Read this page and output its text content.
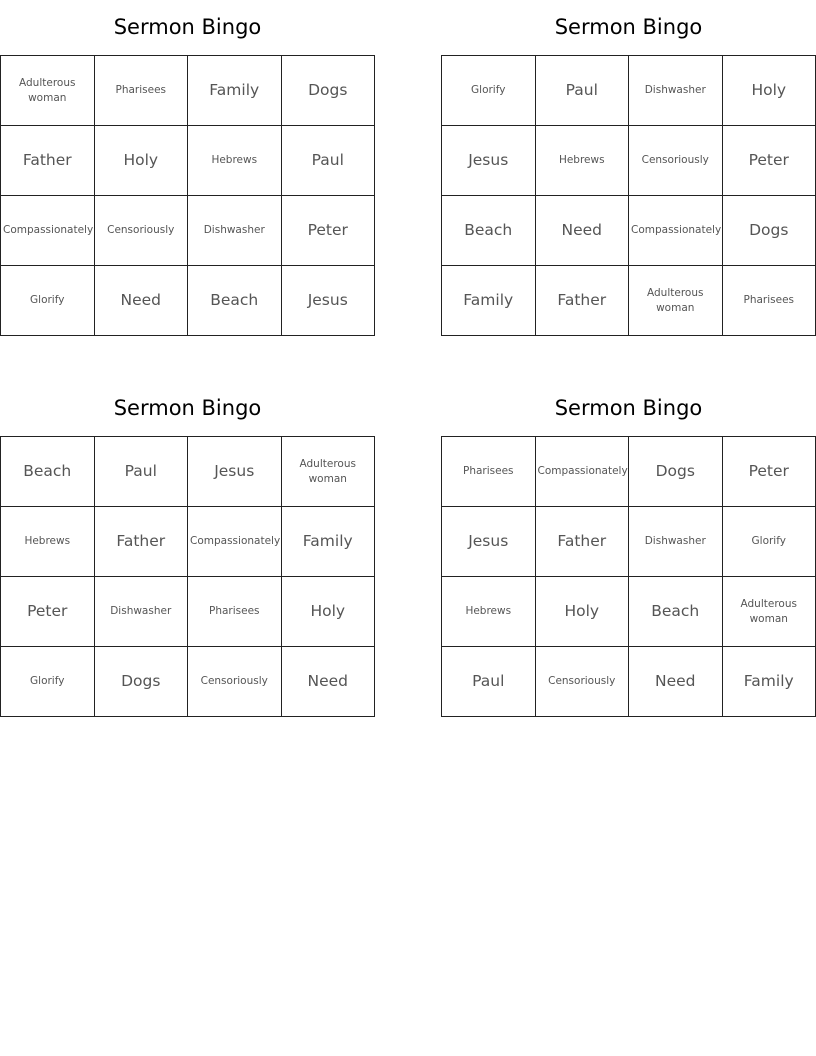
Sermon Bingo
Adulterous woman	Pharisees	Family	Dogs
Father	Holy	Hebrews	Paul
Compassionately	Censoriously	Dishwasher	Peter
Glorify	Need	Beach	Jesus
Sermon Bingo
Glorify	Paul	Dishwasher	Holy
Jesus	Hebrews	Censoriously	Peter
Beach	Need	Compassionately	Dogs
Family	Father	Adulterous woman	Pharisees
Sermon Bingo
Beach	Paul	Jesus	Adulterous woman
Hebrews	Father	Compassionately	Family
Peter	Dishwasher	Pharisees	Holy
Glorify	Dogs	Censoriously	Need
Sermon Bingo
Pharisees	Compassionately	Dogs	Peter
Jesus	Father	Dishwasher	Glorify
Hebrews	Holy	Beach	Adulterous woman
Paul	Censoriously	Need	Family
